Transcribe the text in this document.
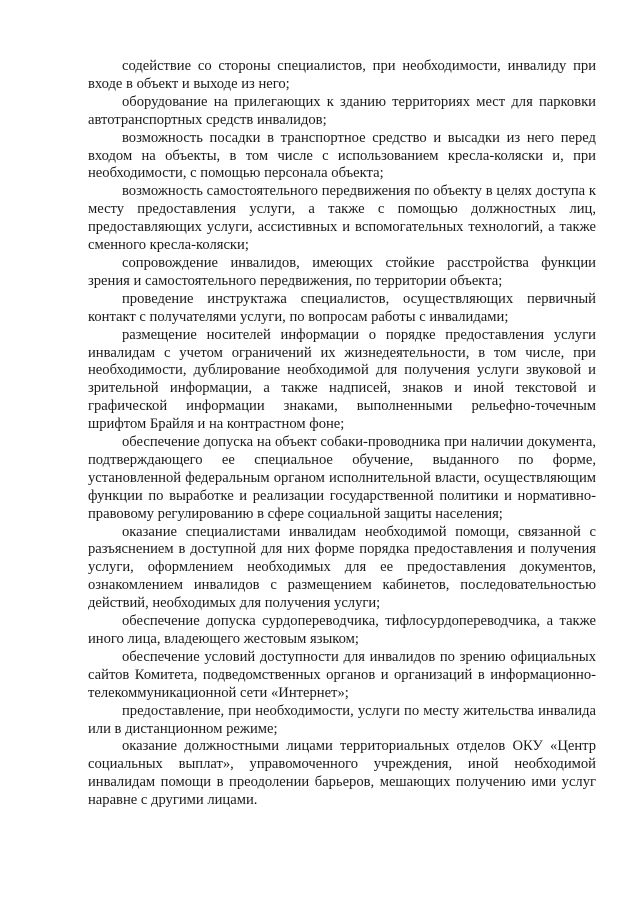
содействие со стороны специалистов, при необходимости, инвалиду при входе в объект и выходе из него;

оборудование на прилегающих к зданию территориях мест для парковки автотранспортных средств инвалидов;

возможность посадки в транспортное средство и высадки из него перед входом на объекты, в том числе с использованием кресла-коляски и, при необходимости, с помощью персонала объекта;

возможность самостоятельного передвижения по объекту в целях доступа к месту предоставления услуги, а также с помощью должностных лиц, предоставляющих услуги, ассистивных и вспомогательных технологий, а также сменного кресла-коляски;

сопровождение инвалидов, имеющих стойкие расстройства функции зрения и самостоятельного передвижения, по территории объекта;

проведение инструктажа специалистов, осуществляющих первичный контакт с получателями услуги, по вопросам работы с инвалидами;

размещение носителей информации о порядке предоставления услуги инвалидам с учетом ограничений их жизнедеятельности, в том числе, при необходимости, дублирование необходимой для получения услуги звуковой и зрительной информации, а также надписей, знаков и иной текстовой и графической информации знаками, выполненными рельефно-точечным шрифтом Брайля и на контрастном фоне;

обеспечение допуска на объект собаки-проводника при наличии документа, подтверждающего ее специальное обучение, выданного по форме, установленной федеральным органом исполнительной власти, осуществляющим функции по выработке и реализации государственной политики и нормативно-правовому регулированию в сфере социальной защиты населения;

оказание специалистами инвалидам необходимой помощи, связанной с разъяснением в доступной для них форме порядка предоставления и получения услуги, оформлением необходимых для ее предоставления документов, ознакомлением инвалидов с размещением кабинетов, последовательностью действий, необходимых для получения услуги;

обеспечение допуска сурдопереводчика, тифлосурдопереводчика, а также иного лица, владеющего жестовым языком;

обеспечение условий доступности для инвалидов по зрению официальных сайтов Комитета, подведомственных органов и организаций в информационно-телекоммуникационной сети «Интернет»;

предоставление, при необходимости, услуги по месту жительства инвалида или в дистанционном режиме;

оказание должностными лицами территориальных отделов ОКУ «Центр социальных выплат», управомоченного учреждения, иной необходимой инвалидам помощи в преодолении барьеров, мешающих получению ими услуг наравне с другими лицами.
